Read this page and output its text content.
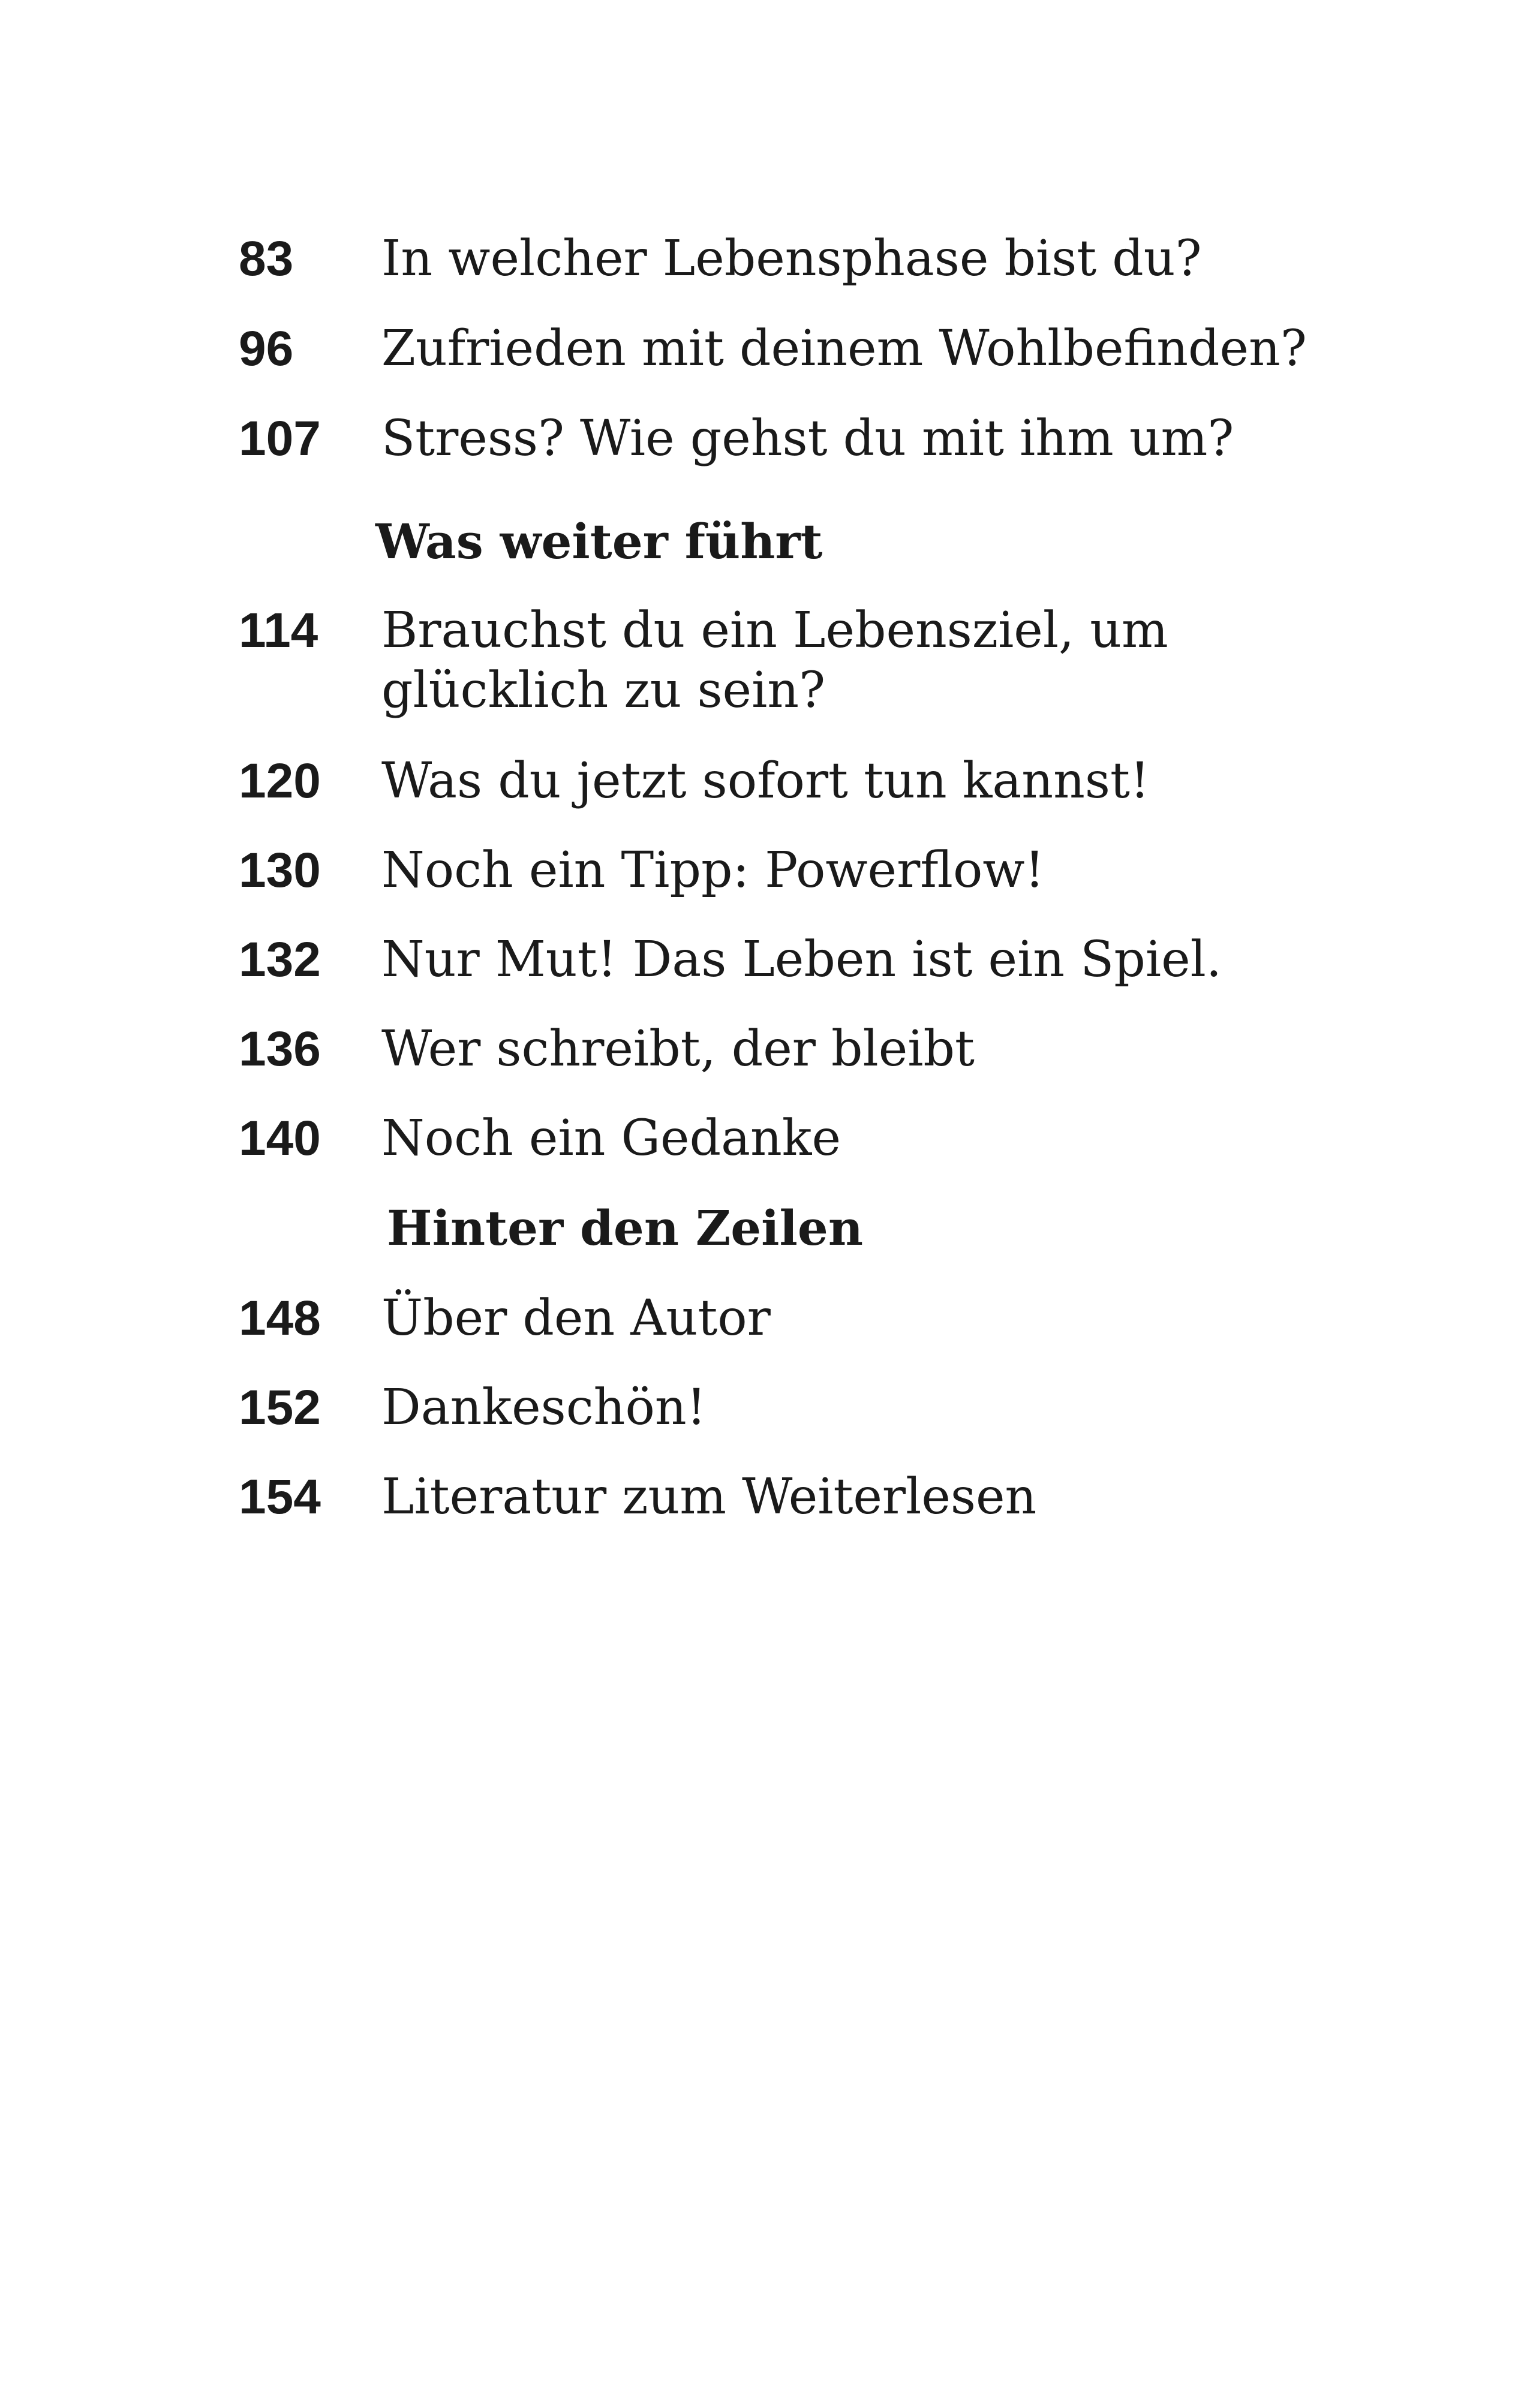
83 In welcher Lebensphase bist du?
96 Zufrieden mit deinem Wohlbefinden?
107 Stress? Wie gehst du mit ihm um?
Was weiter führt
114 Brauchst du ein Lebensziel, um
glücklich zu sein?
120 Was du jetzt sofort tun kannst!
130 Noch ein Tipp: Powerflow!
132 Nur Mut! Das Leben ist ein Spiel.
136 Wer schreibt, der bleibt
140 Noch ein Gedanke
Hinter den Zeilen
148 Über den Autor
152 Dankeschön!
154 Literatur zum Weiterlesen
